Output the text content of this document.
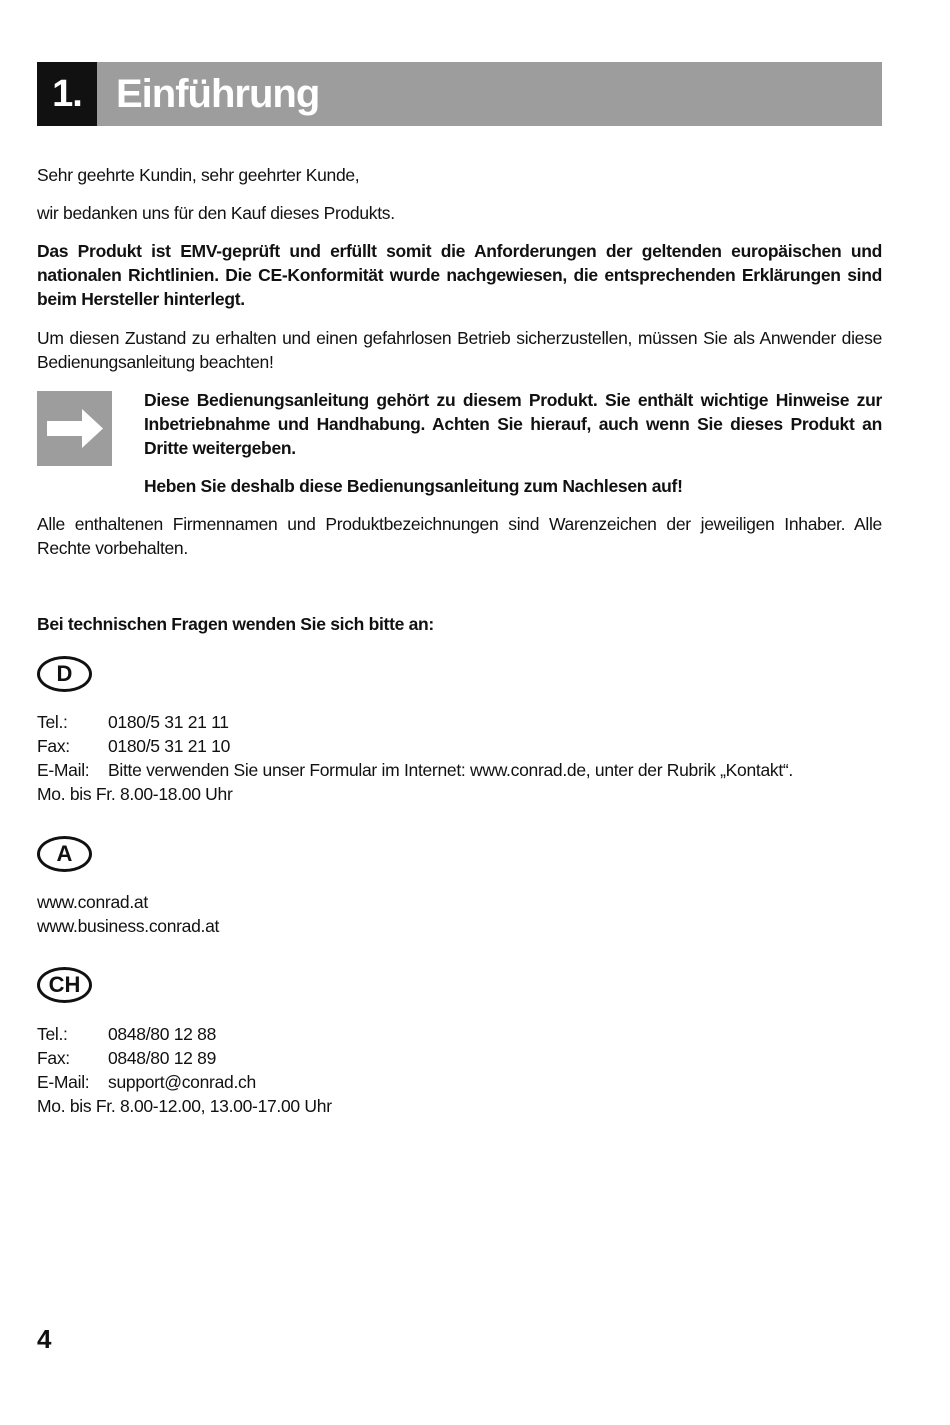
1. Einführung
Sehr geehrte Kundin, sehr geehrter Kunde,
wir bedanken uns für den Kauf dieses Produkts.
Das Produkt ist EMV-geprüft und erfüllt somit die Anforderungen der geltenden europäischen und nationalen Richtlinien. Die CE-Konformität wurde nachgewiesen, die entsprechenden Erklärungen sind beim Hersteller hinterlegt.
Um diesen Zustand zu erhalten und einen gefahrlosen Betrieb sicherzustellen, müssen Sie als Anwender diese Bedienungsanleitung beachten!
Diese Bedienungsanleitung gehört zu diesem Produkt. Sie enthält wichtige Hinweise zur Inbetriebnahme und Handhabung. Achten Sie hierauf, auch wenn Sie dieses Produkt an Dritte weitergeben.
Heben Sie deshalb diese Bedienungsanleitung zum Nachlesen auf!
Alle enthaltenen Firmennamen und Produktbezeichnungen sind Warenzeichen der jeweiligen Inhaber. Alle Rechte vorbehalten.
Bei technischen Fragen wenden Sie sich bitte an:
D
Tel.:	0180/5 31 21 11
Fax:	0180/5 31 21 10
E-Mail:	Bitte verwenden Sie unser Formular im Internet: www.conrad.de, unter der Rubrik „Kontakt“.
Mo. bis Fr. 8.00-18.00 Uhr
A
www.conrad.at
www.business.conrad.at
CH
Tel.:	0848/80 12 88
Fax:	0848/80 12 89
E-Mail:	support@conrad.ch
Mo. bis Fr. 8.00-12.00, 13.00-17.00 Uhr
4
